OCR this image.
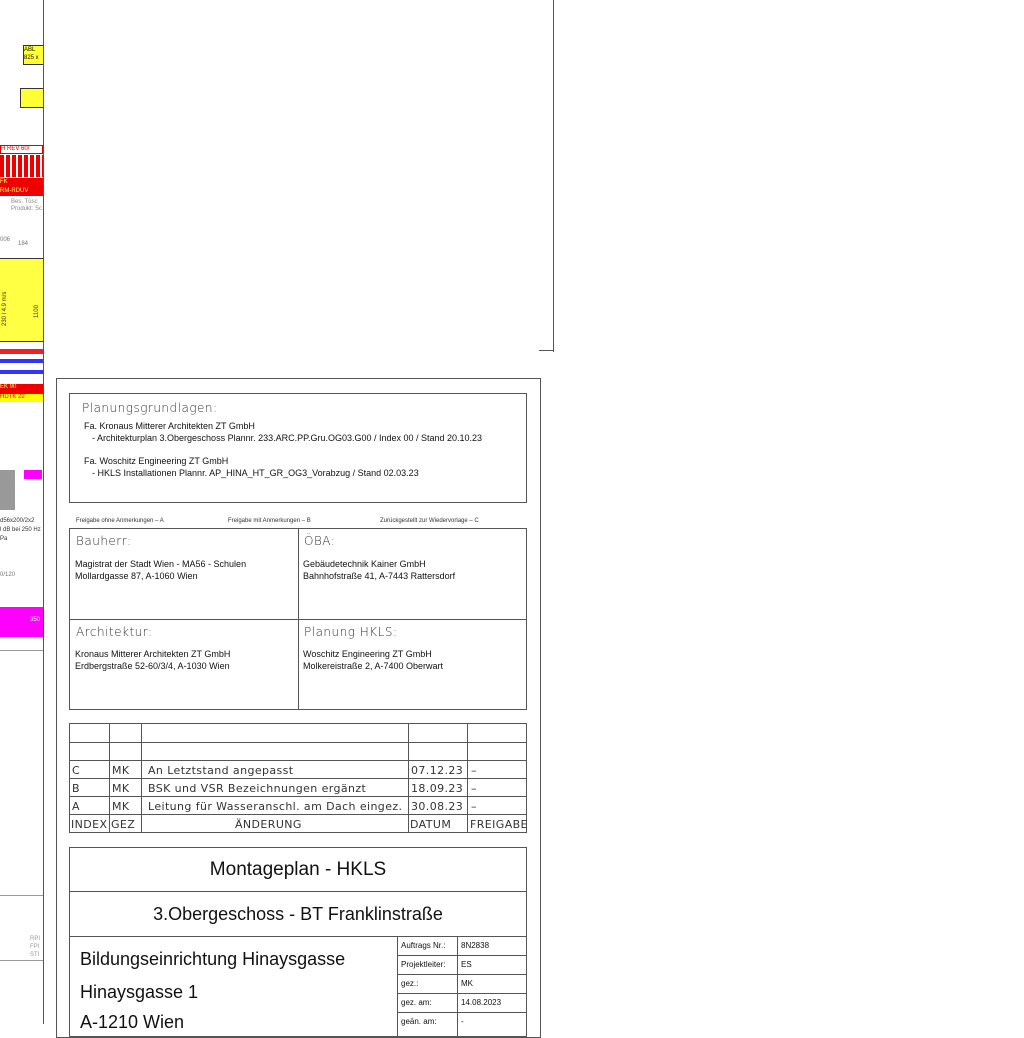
ABL
825 x
H REV 60/
FK
RM-RDUV
Bes. Tüsc
Produkt: Sc
006
184
230 l 4.9 m/s	1100
EK 90
HDTK 22
d56x200/2x2
l dB bei 250 Hz
Pa
0/120
350
RPI
FPI
STI
Planungsgrundlagen:
Fa. Kronaus Mitterer Architekten ZT GmbH
- Architekturplan 3.Obergeschoss Plannr. 233.ARC.PP.Gru.OG03.G00 / Index 00 / Stand 20.10.23
Fa. Woschitz Engineering ZT GmbH
- HKLS Installationen Plannr. AP_HINA_HT_GR_OG3_Vorabzug / Stand 02.03.23
Freigabe ohne Anmerkungen – A	Freigabe mit Anmerkungen – B	Zurückgestellt zur Wiedervorlage – C
Bauherr:
Magistrat der Stadt Wien - MA56 - Schulen
Mollardgasse 87, A-1060 Wien
ÖBA:
Gebäudetechnik Kainer GmbH
Bahnhofstraße 41, A-7443 Rattersdorf
Architektur:
Kronaus Mitterer Architekten ZT GmbH
Erdbergstraße 52-60/3/4, A-1030 Wien
Planung HKLS:
Woschitz Engineering ZT GmbH
Molkereistraße 2, A-7400 Oberwart
C	MK An Letztstand angepasst	07.12.23 –
B	MK BSK und VSR Bezeichnungen ergänzt	18.09.23 –
A	MK Leitung für Wasseranschl. am Dach eingez. 30.08.23 –
INDEX GEZ	ÄNDERUNG	DATUM FREIGABE
Montageplan - HKLS
3.Obergeschoss - BT Franklinstraße
Bildungseinrichtung Hinaysgasse
Hinaysgasse 1
A-1210 Wien
Auftrags Nr.: 8N2838
Projektleiter: ES
gez.:	MK
gez. am:	14.08.2023
geän. am:	-
